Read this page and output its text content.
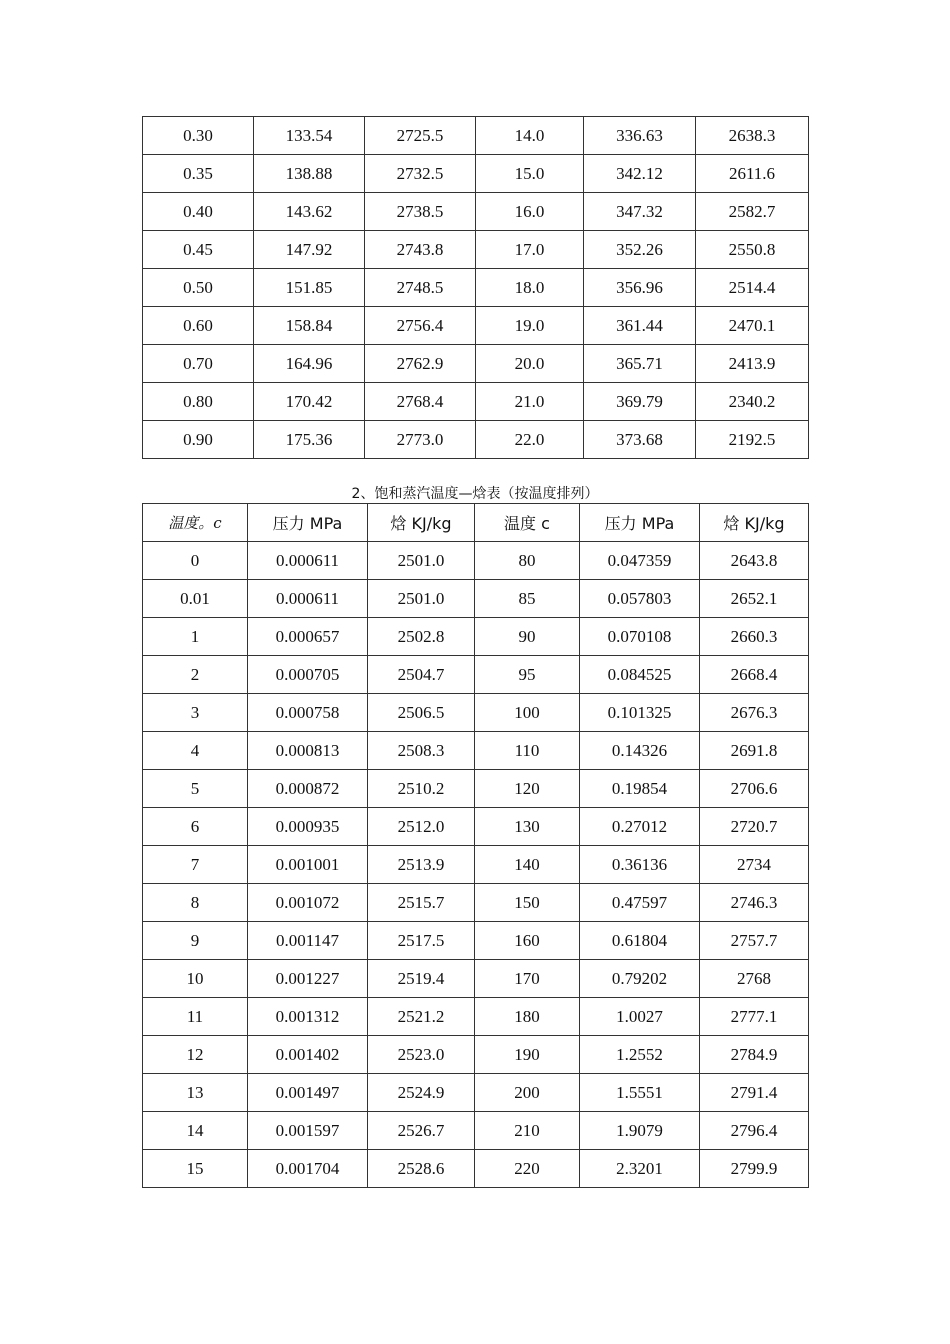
0.30	133.54	2725.5	14.0	336.63	2638.3
0.35	138.88	2732.5	15.0	342.12	2611.6
0.40	143.62	2738.5	16.0	347.32	2582.7
0.45	147.92	2743.8	17.0	352.26	2550.8
0.50	151.85	2748.5	18.0	356.96	2514.4
0.60	158.84	2756.4	19.0	361.44	2470.1
0.70	164.96	2762.9	20.0	365.71	2413.9
0.80	170.42	2768.4	21.0	369.79	2340.2
0.90	175.36	2773.0	22.0	373.68	2192.5
2、饱和蒸汽温度—焓表（按温度排列）
温度。c	压力 MPa	焓 KJ/kg	温度 c	压力 MPa	焓 KJ/kg
0	0.000611	2501.0	80	0.047359	2643.8
0.01	0.000611	2501.0	85	0.057803	2652.1
1	0.000657	2502.8	90	0.070108	2660.3
2	0.000705	2504.7	95	0.084525	2668.4
3	0.000758	2506.5	100	0.101325	2676.3
4	0.000813	2508.3	110	0.14326	2691.8
5	0.000872	2510.2	120	0.19854	2706.6
6	0.000935	2512.0	130	0.27012	2720.7
7	0.001001	2513.9	140	0.36136	2734
8	0.001072	2515.7	150	0.47597	2746.3
9	0.001147	2517.5	160	0.61804	2757.7
10	0.001227	2519.4	170	0.79202	2768
11	0.001312	2521.2	180	1.0027	2777.1
12	0.001402	2523.0	190	1.2552	2784.9
13	0.001497	2524.9	200	1.5551	2791.4
14	0.001597	2526.7	210	1.9079	2796.4
15	0.001704	2528.6	220	2.3201	2799.9
